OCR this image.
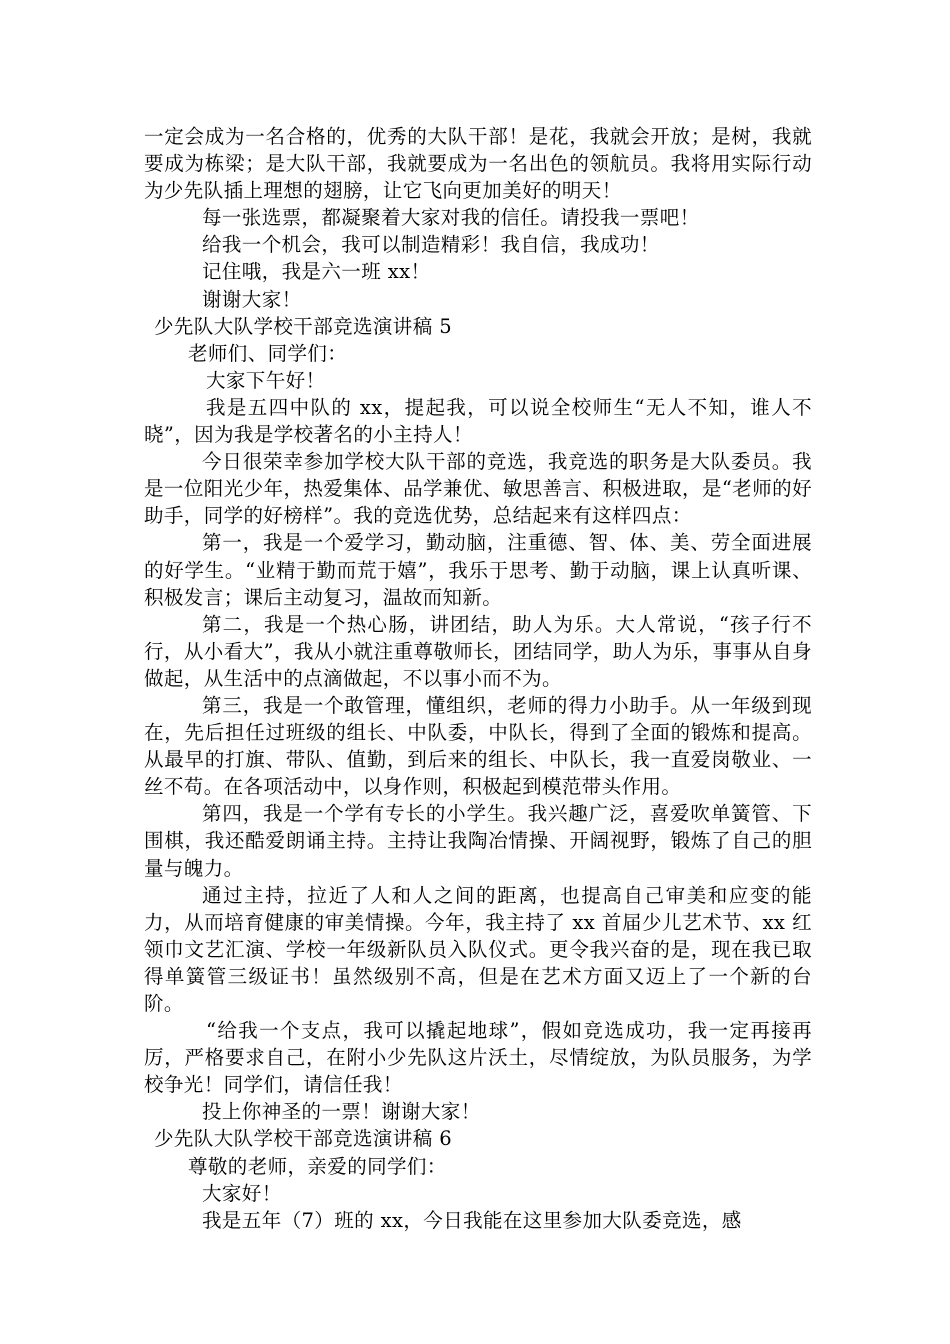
一定会成为一名合格的，优秀的大队干部！是花，我就会开放；是树，我就要成为栋梁；是大队干部，我就要成为一名出色的领航员。我将用实际行动为少先队插上理想的翅膀，让它飞向更加美好的明天！

每一张选票，都凝聚着大家对我的信任。请投我一票吧！

给我一个机会，我可以制造精彩！我自信，我成功！

记住哦，我是六一班 xx！

谢谢大家！

少先队大队学校干部竞选演讲稿 5

老师们、同学们：

大家下午好！

我是五四中队的 xx，提起我，可以说全校师生“无人不知，谁人不晓”，因为我是学校著名的小主持人！

今日很荣幸参加学校大队干部的竞选，我竞选的职务是大队委员。我是一位阳光少年，热爱集体、品学兼优、敏思善言、积极进取，是“老师的好助手，同学的好榜样”。我的竞选优势，总结起来有这样四点：

第一，我是一个爱学习，勤动脑，注重德、智、体、美、劳全面进展的好学生。“业精于勤而荒于嬉”，我乐于思考、勤于动脑，课上认真听课、积极发言；课后主动复习，温故而知新。

第二，我是一个热心肠，讲团结，助人为乐。大人常说，“孩子行不行，从小看大”，我从小就注重尊敬师长，团结同学，助人为乐，事事从自身做起，从生活中的点滴做起，不以事小而不为。

第三，我是一个敢管理，懂组织，老师的得力小助手。从一年级到现在，先后担任过班级的组长、中队委，中队长，得到了全面的锻炼和提高。从最早的打旗、带队、值勤，到后来的组长、中队长，我一直爱岗敬业、一丝不苟。在各项活动中，以身作则，积极起到模范带头作用。

第四，我是一个学有专长的小学生。我兴趣广泛，喜爱吹单簧管、下围棋，我还酷爱朗诵主持。主持让我陶冶情操、开阔视野，锻炼了自己的胆量与魄力。

通过主持，拉近了人和人之间的距离，也提高自己审美和应变的能力，从而培育健康的审美情操。今年，我主持了 xx 首届少儿艺术节、xx 红领巾文艺汇演、学校一年级新队员入队仪式。更令我兴奋的是，现在我已取得单簧管三级证书！虽然级别不高，但是在艺术方面又迈上了一个新的台阶。

“给我一个支点，我可以撬起地球”，假如竞选成功，我一定再接再厉，严格要求自己，在附小少先队这片沃土，尽情绽放，为队员服务，为学校争光！同学们，请信任我！

投上你神圣的一票！谢谢大家！

少先队大队学校干部竞选演讲稿 6

尊敬的老师，亲爱的同学们：

大家好！

我是五年（7）班的 xx，今日我能在这里参加大队委竞选，感
